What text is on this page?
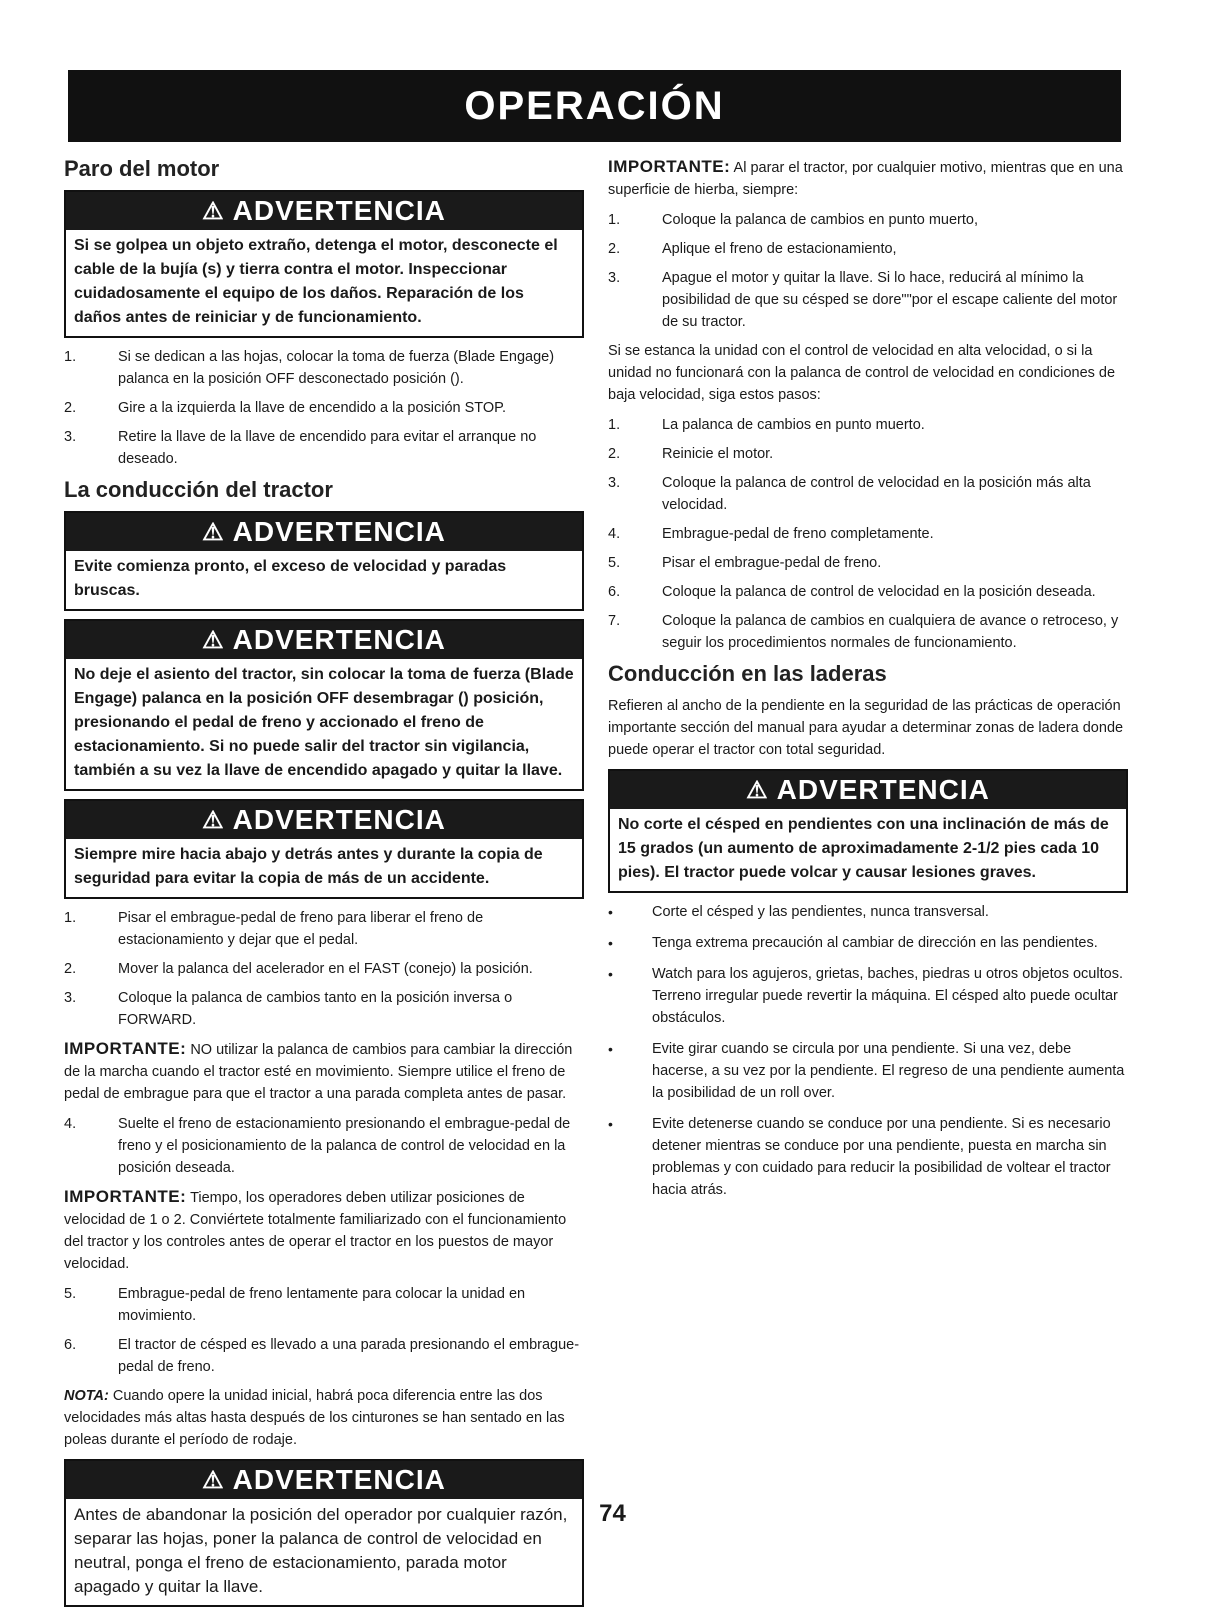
OPERACIÓN
Paro del motor
⚠ ADVERTENCIA
Si se golpea un objeto extraño, detenga el motor, desconecte el cable de la bujía (s) y tierra contra el motor. Inspeccionar cuidadosamente el equipo de los daños. Reparación de los daños antes de reiniciar y de funcionamiento.
1.	Si se dedican a las hojas, colocar la toma de fuerza (Blade Engage) palanca en la posición OFF desconectado posición ().
2.	Gire a la izquierda la llave de encendido a la posición STOP.
3.	Retire la llave de la llave de encendido para evitar el arranque no deseado.
La conducción del tractor
⚠ ADVERTENCIA
Evite comienza pronto, el exceso de velocidad y paradas bruscas.
⚠ ADVERTENCIA
No deje el asiento del tractor, sin colocar la toma de fuerza (Blade Engage) palanca en la posición OFF desembragar () posición, presionando el pedal de freno y accionado el freno de estacionamiento. Si no puede salir del tractor sin vigilancia, también a su vez la llave de encendido apagado y quitar la llave.
⚠ ADVERTENCIA
Siempre mire hacia abajo y detrás antes y durante la copia de seguridad para evitar la copia de más de un accidente.
1.	Pisar el embrague-pedal de freno para liberar el freno de estacionamiento y dejar que el pedal.
2.	Mover la palanca del acelerador en el FAST (conejo) la posición.
3.	Coloque la palanca de cambios tanto en la posición inversa o FORWARD.

IMPORTANTE: NO utilizar la palanca de cambios para cambiar la dirección de la marcha cuando el tractor esté en movimiento. Siempre utilice el freno de pedal de embrague para que el tractor a una parada completa antes de pasar.

4.	Suelte el freno de estacionamiento presionando el embrague-pedal de freno y el posicionamiento de la palanca de control de velocidad en la posición deseada.

IMPORTANTE: Tiempo, los operadores deben utilizar posiciones de velocidad de 1 o 2. Conviértete totalmente familiarizado con el funcionamiento del tractor y los controles antes de operar el tractor en los puestos de mayor velocidad.

5.	Embrague-pedal de freno lentamente para colocar la unidad en movimiento.
6.	El tractor de césped es llevado a una parada presionando el embrague-pedal de freno.

NOTA: Cuando opere la unidad inicial, habrá poca diferencia entre las dos velocidades más altas hasta después de los cinturones se han sentado en las poleas durante el período de rodaje.

⚠ ADVERTENCIA
Antes de abandonar la posición del operador por cualquier razón, separar las hojas, poner la palanca de control de velocidad en neutral, ponga el freno de estacionamiento, parada motor apagado y quitar la llave.

IMPORTANTE: Al parar el tractor, por cualquier motivo, mientras que en una superficie de hierba, siempre:

1.	Coloque la palanca de cambios en punto muerto,
2.	Aplique el freno de estacionamiento,
3.	Apague el motor y quitar la llave. Si lo hace, reducirá al mínimo la posibilidad de que su césped se dore""por el escape caliente del motor de su tractor.

Si se estanca la unidad con el control de velocidad en alta velocidad, o si la unidad no funcionará con la palanca de control de velocidad en condiciones de baja velocidad, siga estos pasos:

1.	La palanca de cambios en punto muerto.
2.	Reinicie el motor.
3.	Coloque la palanca de control de velocidad en la posición más alta velocidad.
4.	Embrague-pedal de freno completamente.
5.	Pisar el embrague-pedal de freno.
6.	Coloque la palanca de control de velocidad en la posición deseada.
7.	Coloque la palanca de cambios en cualquiera de avance o retroceso, y seguir los procedimientos normales de funcionamiento.
Conducción en las laderas

Refieren al ancho de la pendiente en la seguridad de las prácticas de operación importante sección del manual para ayudar a determinar zonas de ladera donde puede operar el tractor con total seguridad.

⚠ ADVERTENCIA
No corte el césped en pendientes con una inclinación de más de 15 grados (un aumento de aproximadamente 2-1/2 pies cada 10 pies). El tractor puede volcar y causar lesiones graves.
•	Corte el césped y las pendientes, nunca transversal.
•	Tenga extrema precaución al cambiar de dirección en las pendientes.
•	Watch para los agujeros, grietas, baches, piedras u otros objetos ocultos. Terreno irregular puede revertir la máquina. El césped alto puede ocultar obstáculos.
•	Evite girar cuando se circula por una pendiente. Si una vez, debe hacerse, a su vez por la pendiente. El regreso de una pendiente aumenta la posibilidad de un roll over.
•	Evite detenerse cuando se conduce por una pendiente. Si es necesario detener mientras se conduce por una pendiente, puesta en marcha sin problemas y con cuidado para reducir la posibilidad de voltear el tractor hacia atrás.
74
